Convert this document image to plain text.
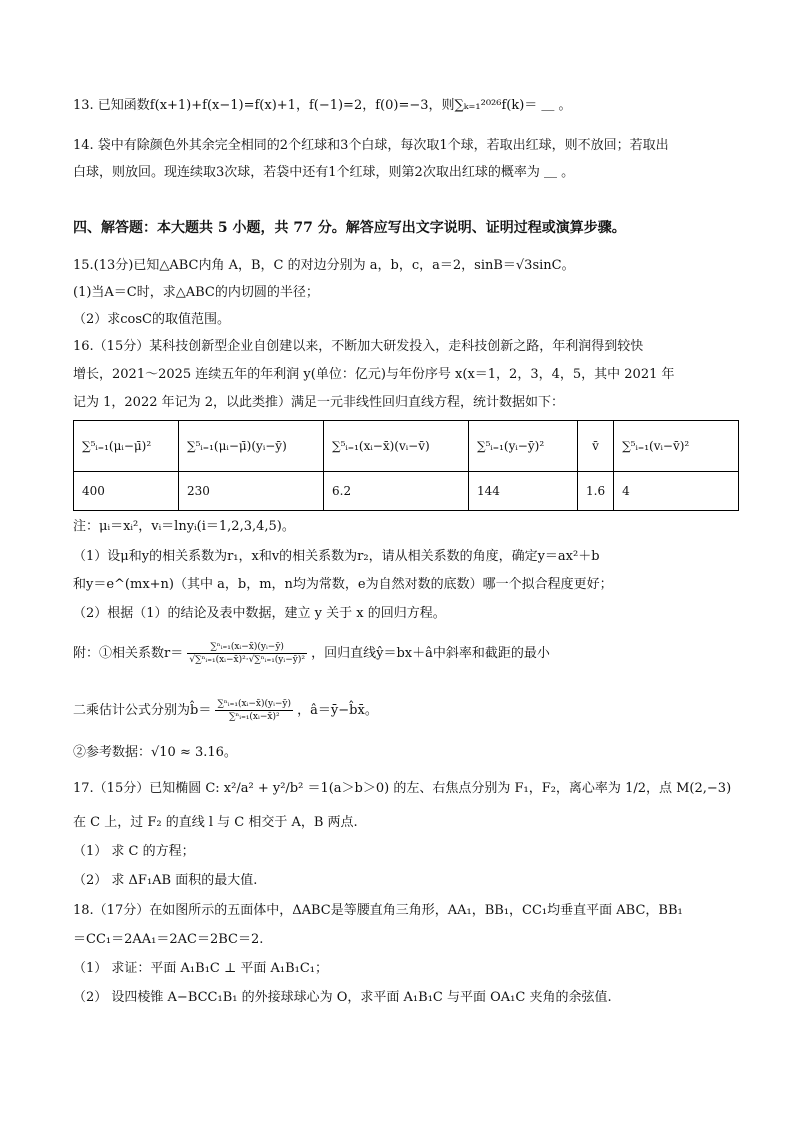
13. 已知函数f(x+1)+f(x−1)=f(x)+1，f(−1)=2，f(0)=−3，则∑ₖ₌₁²⁰²⁶f(k)＝ ＿ 。
14. 袋中有除颜色外其余完全相同的2个红球和3个白球，每次取1个球，若取出红球，则不放回；若取出
白球，则放回。现连续取3次球，若袋中还有1个红球，则第2次取出红球的概率为 ＿ 。
四、解答题：本大题共 5 小题，共 77 分。解答应写出文字说明、证明过程或演算步骤。
15.(13分)已知△ABC内角 A，B，C 的对边分别为 a，b，c，a＝2，sinB＝√3sinC。
(1)当A＝C时，求△ABC的内切圆的半径；
（2）求cosC的取值范围。
16.（15分）某科技创新型企业自创建以来，不断加大研发投入，走科技创新之路，年利润得到较快
增长，2021～2025 连续五年的年利润 y(单位：亿元)与年份序号 x(x＝1，2，3，4，5，其中 2021 年
记为 1，2022 年记为 2，以此类推）满足一元非线性回归直线方程，统计数据如下：
∑⁵ᵢ₌₁(μᵢ−μ̄)²	∑⁵ᵢ₌₁(μᵢ−μ̄)(yᵢ−ȳ)	∑⁵ᵢ₌₁(xᵢ−x̄)(vᵢ−v̄)	∑⁵ᵢ₌₁(yᵢ−ȳ)²	v̄	∑⁵ᵢ₌₁(vᵢ−v̄)²
400	230	6.2	144	1.6	4
注：μᵢ＝xᵢ²，vᵢ＝lnyᵢ(i＝1,2,3,4,5)。
（1）设μ和y的相关系数为r₁，x和v的相关系数为r₂，请从相关系数的角度，确定y＝ax²＋b
和y＝e^(mx+n)（其中 a，b，m，n均为常数，e为自然对数的底数）哪一个拟合程度更好；
（2）根据（1）的结论及表中数据，建立 y 关于 x 的回归方程。
附：①相关系数$r= \frac{\text{∑ⁿᵢ₌₁(xᵢ−x̄)(yᵢ−ȳ)}}{\text{√∑ⁿᵢ₌₁(xᵢ−x̄)²·√∑ⁿᵢ₌₁(yᵢ−ȳ)²}}$ ，回归直线ŷ＝bx＋â中斜率和截距的最小
二乘估计公式分别为b̂＝ $\frac{\text{∑ⁿᵢ₌₁(xᵢ−x̄)(yᵢ−ȳ)}}{\text{∑ⁿᵢ₌₁(xᵢ−x̄)²}}$ ，â＝ȳ−b̂x̄。
②参考数据：√10 ≈ 3.16。
17.（15分）已知椭圆 C: x²/a² + y²/b² ＝1(a＞b＞0) 的左、右焦点分别为 F₁，F₂，离心率为 1/2，点 M(2,−3)
在 C 上，过 F₂ 的直线 l 与 C 相交于 A，B 两点.
（1） 求 C 的方程；
（2） 求 ΔF₁AB 面积的最大值.
18.（17分）在如图所示的五面体中，ΔABC是等腰直角三角形，AA₁，BB₁，CC₁均垂直平面 ABC，BB₁
＝CC₁＝2AA₁＝2AC＝2BC＝2.
（1） 求证：平面 A₁B₁C ⊥ 平面 A₁B₁C₁；
（2） 设四棱锥 A−BCC₁B₁ 的外接球球心为 O，求平面 A₁B₁C 与平面 OA₁C 夹角的余弦值.
